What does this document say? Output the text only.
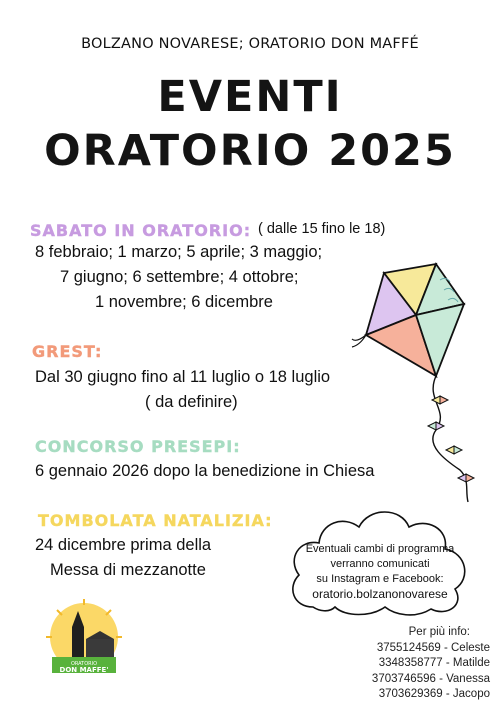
BOLZANO NOVARESE; ORATORIO DON MAFFÉ
EVENTI
ORATORIO 2025
SABATO IN ORATORIO: ( dalle 15 fino le 18)
8 febbraio; 1 marzo; 5 aprile; 3 maggio;
7 giugno; 6 settembre; 4 ottobre;
1 novembre; 6 dicembre
GREST:
Dal 30 giugno fino al 11 luglio o 18 luglio
( da definire)
CONCORSO PRESEPI:
6 gennaio 2026 dopo la benedizione in Chiesa
TOMBOLATA NATALIZIA:
24 dicembre prima della
Messa di mezzanotte
Eventuali cambi di programma
verranno comunicati
su Instagram e Facebook:
oratorio.bolzanonovarese
Per più info:
3755124569 - Celeste
3348358777 - Matilde
3703746596 - Vanessa
3703629369 - Jacopo
ORATORIO
DON MAFFE'
